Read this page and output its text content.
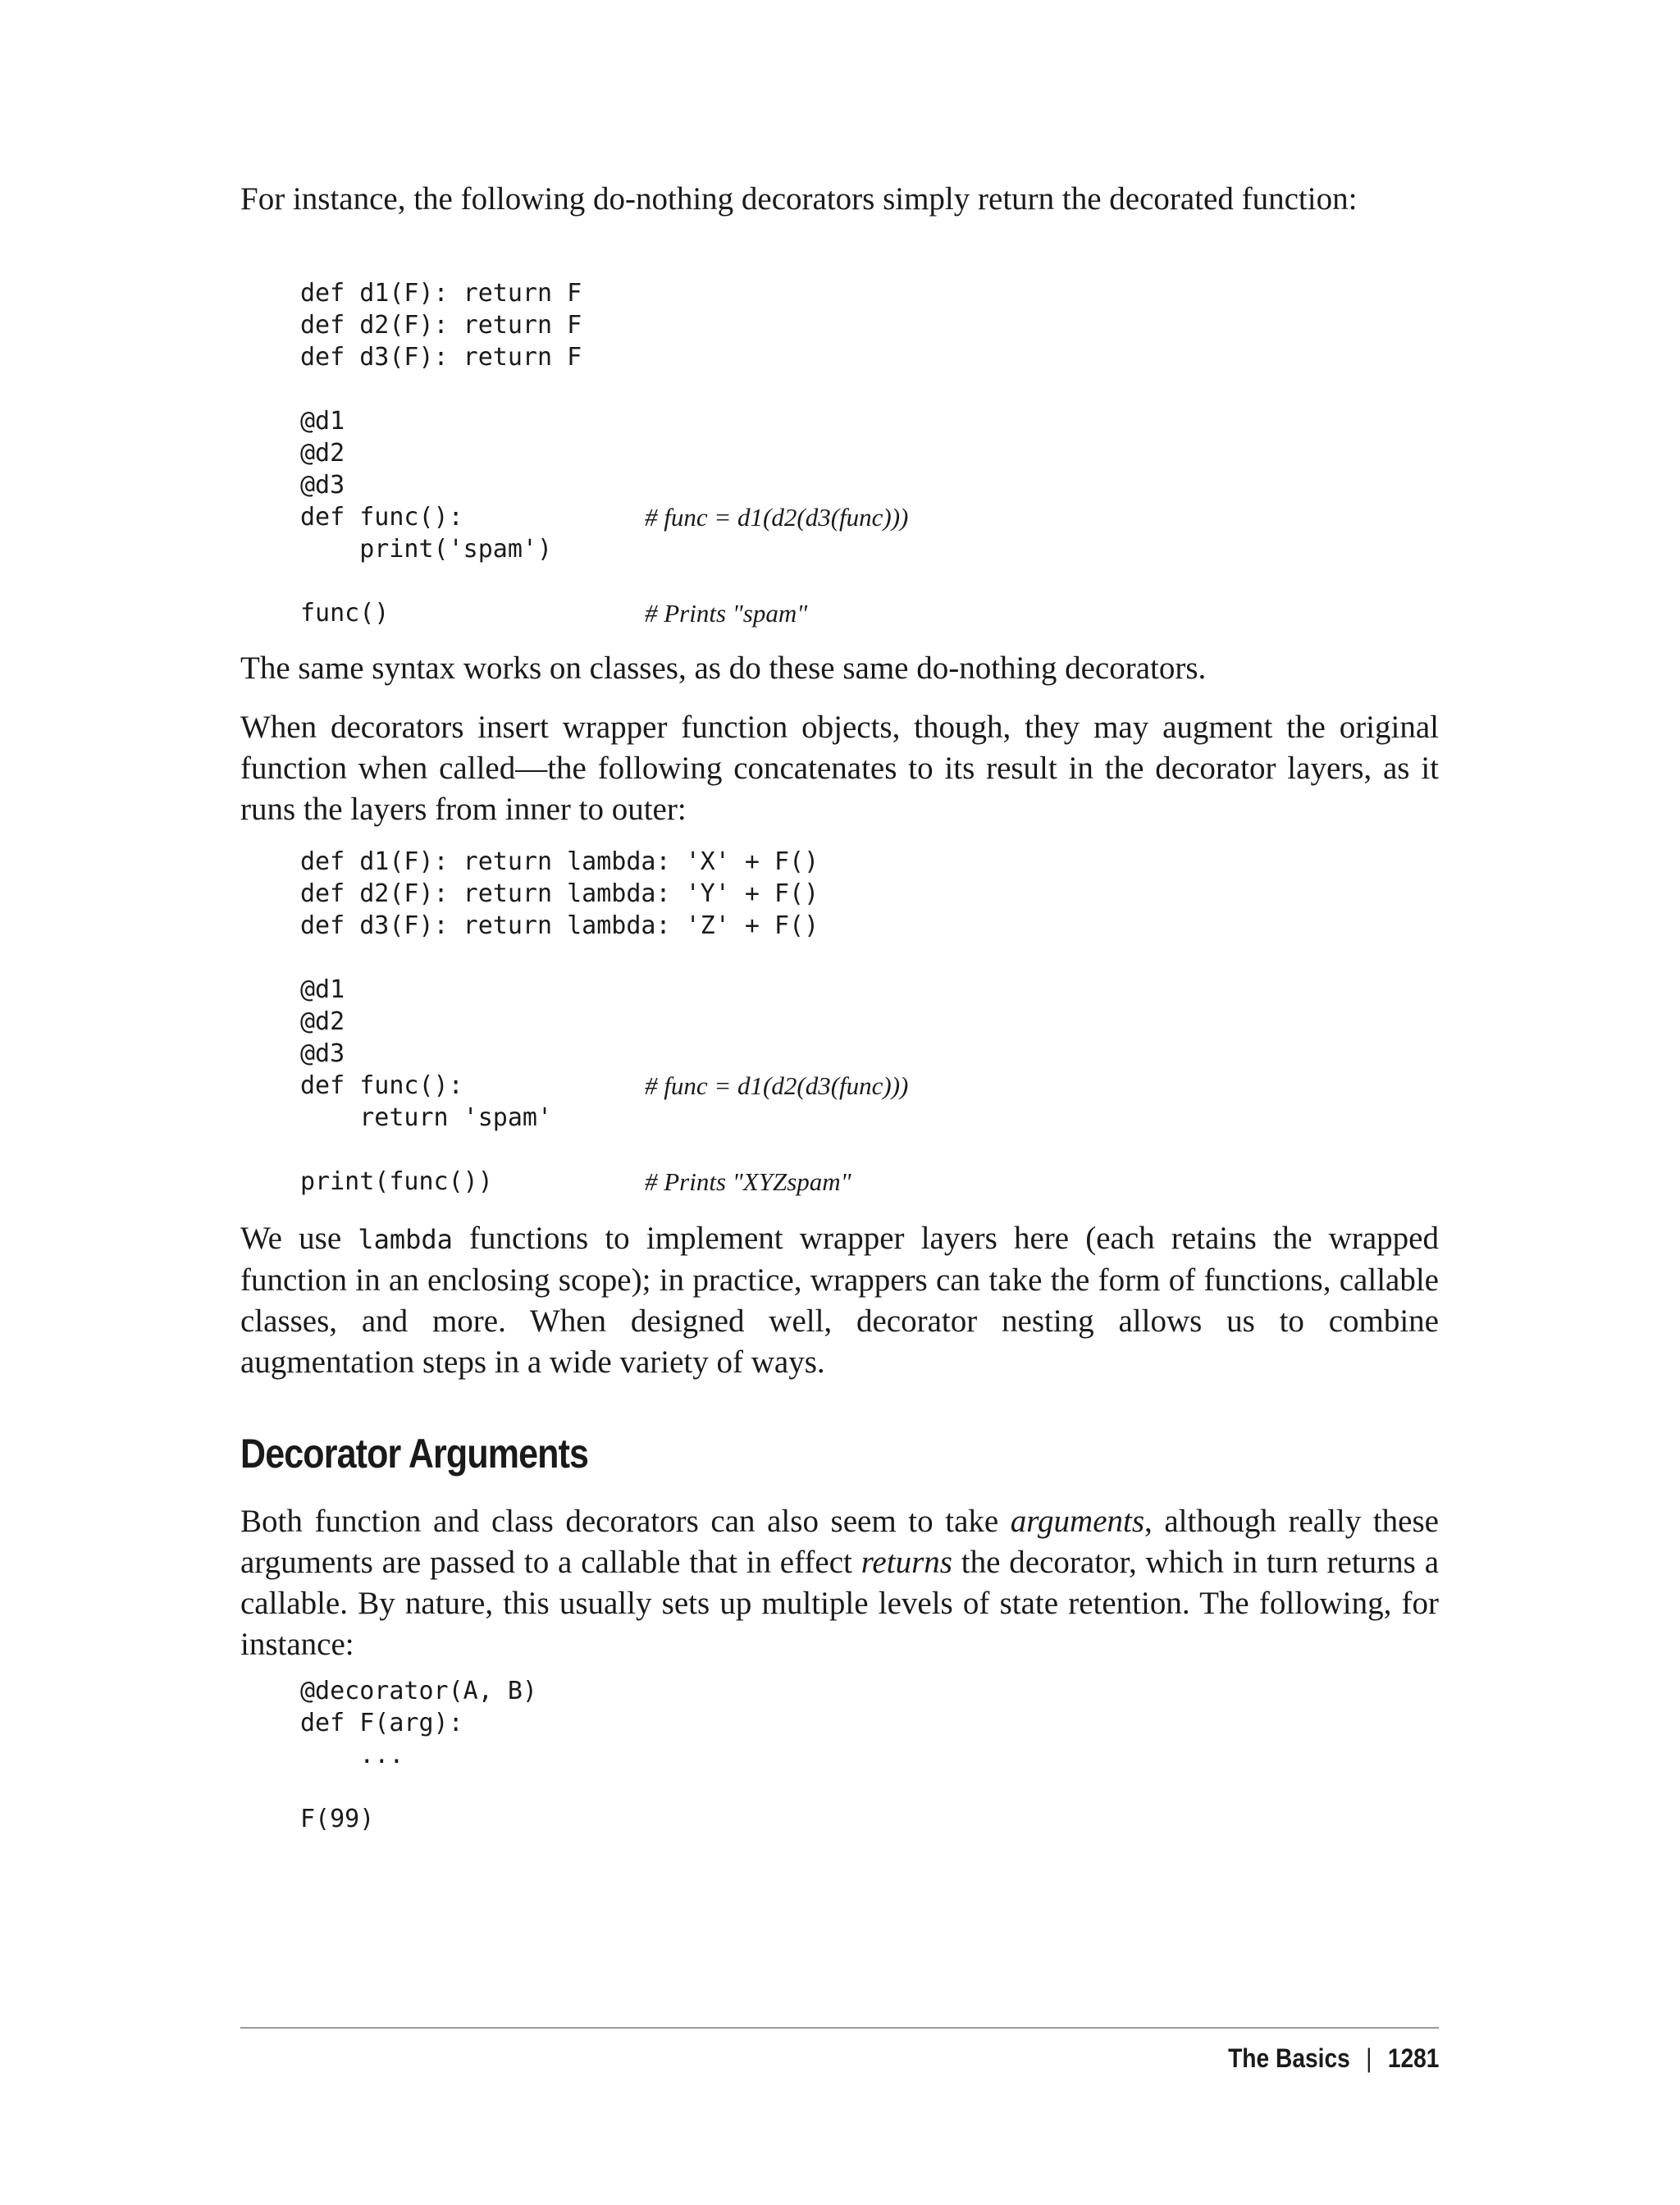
For instance, the following do-nothing decorators simply return the decorated function:

def d1(F): return F
def d2(F): return F
def d3(F): return F
@d1
@d2
@d3
def func():	# func = d1(d2(d3(func)))
print('spam')
func()	# Prints "spam"

The same syntax works on classes, as do these same do-nothing decorators.

When decorators insert wrapper function objects, though, they may augment the original function when called—the following concatenates to its result in the decorator layers, as it runs the layers from inner to outer:

def d1(F): return lambda: 'X' + F()
def d2(F): return lambda: 'Y' + F()
def d3(F): return lambda: 'Z' + F()
@d1
@d2
@d3
def func():	# func = d1(d2(d3(func)))
return 'spam'
print(func())	# Prints "XYZspam"

We use lambda functions to implement wrapper layers here (each retains the wrapped function in an enclosing scope); in practice, wrappers can take the form of functions, callable classes, and more. When designed well, decorator nesting allows us to combine augmentation steps in a wide variety of ways.

Decorator Arguments

Both function and class decorators can also seem to take arguments, although really these arguments are passed to a callable that in effect returns the decorator, which in turn returns a callable. By nature, this usually sets up multiple levels of state retention. The following, for instance:

@decorator(A, B)
def F(arg):
...
F(99)
The Basics | 1281
